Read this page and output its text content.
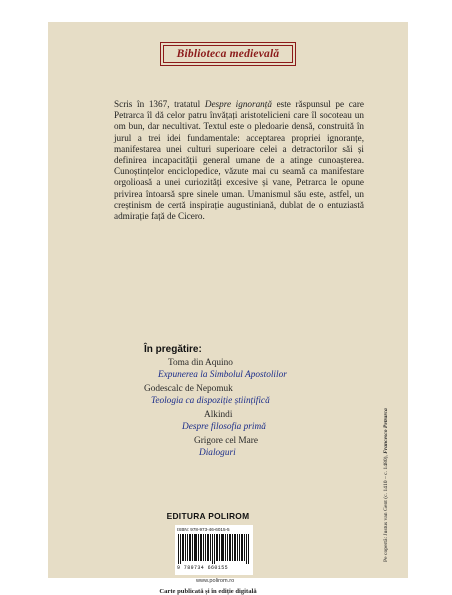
Biblioteca medievală

Scris în 1367, tratatul Despre ignoranță este răspunsul pe care Petrarca îl dă celor patru învățați aristotelicieni care îl socoteau un om bun, dar necultivat. Textul este o pledoarie densă, construită în jurul a trei idei fundamentale: acceptarea propriei ignoranțe, manifestarea unei culturi superioare celei a detractorilor săi și definirea incapacității general umane de a atinge cunoașterea. Cunoștințelor enciclopedice, văzute mai cu seamă ca manifestare orgolioasă a unei curiozități excesive și vane, Petrarca le opune privirea întoarsă spre sinele uman. Umanismul său este, astfel, un creștinism de certă inspirație augustiniană, dublat de o entuziastă admirație față de Cicero.

În pregătire:

Toma din Aquino
Expunerea la Simbolul Apostolilor
Godescalc de Nepomuk
Teologia ca dispoziție științifică
Alkindi
Despre filosofia primă
Grigore cel Mare
Dialoguri

EDITURA POLIROM

ISBN: 978-973-46-6015-5
9 789734 660155

www.polirom.ro

Carte publicată și în ediție digitală

Pe copertă: Justus van Gent (c. 1410 – c. 1480), Francesco Petrarca
